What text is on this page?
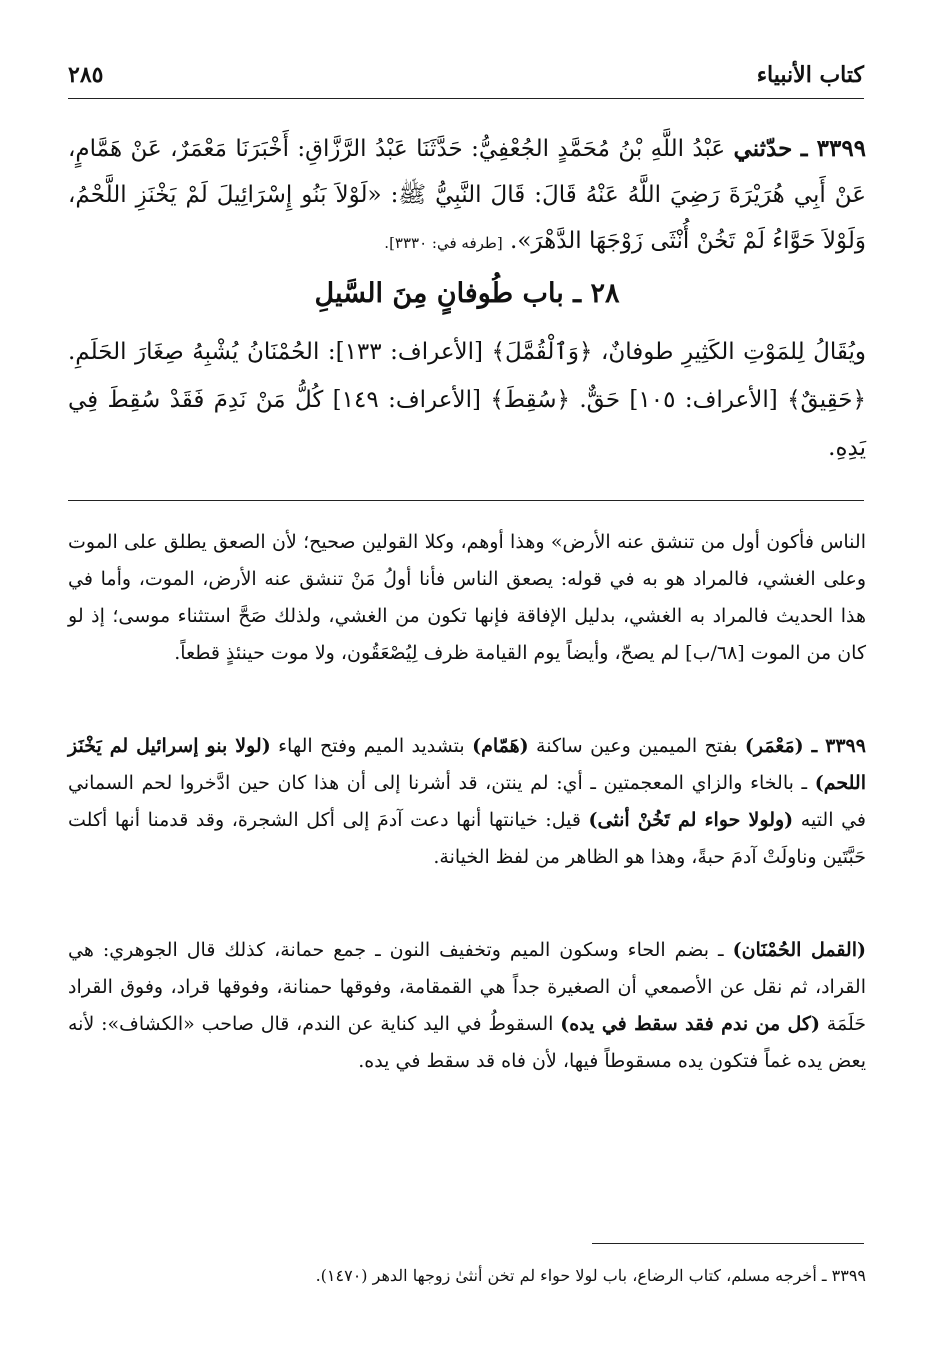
٢٨٥	كتاب الأنبياء
٣٣٩٩ ـ حدّثني عَبْدُ اللَّهِ بْنُ مُحَمَّدٍ الجُعْفِيُّ: حَدَّثَنَا عَبْدُ الرَّزَّاقِ: أَخْبَرَنَا مَعْمَرٌ، عَنْ هَمَّامٍ، عَنْ أَبِي هُرَيْرَةَ رَضِيَ اللَّهُ عَنْهُ قَالَ: قَالَ النَّبِيُّ ﷺ: «لَوْلاَ بَنُو إِسْرَائِيلَ لَمْ يَخْنَزِ اللَّحْمُ، وَلَوْلاَ حَوَّاءُ لَمْ تَخُنْ أُنْثَى زَوْجَهَا الدَّهْرَ». [طرفه في: ٣٣٣٠].
٢٨ ـ باب طُوفانٍ مِنَ السَّيلِ
ويُقَالُ لِلمَوْتِ الكَثِيرِ طوفانٌ، ﴿وَٱلْقُمَّلَ﴾ [الأعراف: ١٣٣]: الحُمْنَانُ يُشْبِهُ صِغَارَ الحَلَمِ. ﴿حَقِيقٌ﴾ [الأعراف: ١٠٥] حَقٌّ. ﴿سُقِطَ﴾ [الأعراف: ١٤٩] كُلُّ مَنْ نَدِمَ فَقَدْ سُقِطَ فِي يَدِهِ.
الناس فأكون أول من تنشق عنه الأرض» وهذا أوهم، وكلا القولين صحيح؛ لأن الصعق يطلق على الموت وعلى الغشي، فالمراد هو به في قوله: يصعق الناس فأنا أولُ مَنْ تنشق عنه الأرض، الموت، وأما في هذا الحديث فالمراد به الغشي، بدليل الإفاقة فإنها تكون من الغشي، ولذلك صَحَّ استثناء موسى؛ إذ لو كان من الموت [٦٨/ب] لم يصحّ، وأيضاً يوم القيامة ظرف لِيُصْعَقُون، ولا موت حينئذٍ قطعاً.
٣٣٩٩ ـ (مَعْمَر) بفتح الميمين وعين ساكنة (هَمّام) بتشديد الميم وفتح الهاء (لولا بنو إسرائيل لم يَخْنَز اللحم) ـ بالخاء والزاي المعجمتين ـ أي: لم ينتن، قد أشرنا إلى أن هذا كان حين ادَّخروا لحم السماني في التيه (ولولا حواء لم تَخُنْ أنثى) قيل: خيانتها أنها دعت آدمَ إلى أكل الشجرة، وقد قدمنا أنها أكلت حَبَّتَين وناولَتْ آدمَ حبةً، وهذا هو الظاهر من لفظ الخيانة.
(القمل الحُمْنَان) ـ بضم الحاء وسكون الميم وتخفيف النون ـ جمع حمانة، كذلك قال الجوهري: هي القراد، ثم نقل عن الأصمعي أن الصغيرة جداً هي القمقامة، وفوقها حمنانة، وفوقها قراد، وفوق القراد حَلَمَة (كل من ندم فقد سقط في يده) السقوطُ في اليد كناية عن الندم، قال صاحب «الكشاف»: لأنه يعض يده غماً فتكون يده مسقوطاً فيها، لأن فاه قد سقط في يده.
٣٣٩٩ ـ أخرجه مسلم، كتاب الرضاع، باب لولا حواء لم تخن أنثىٰ زوجها الدهر (١٤٧٠).
